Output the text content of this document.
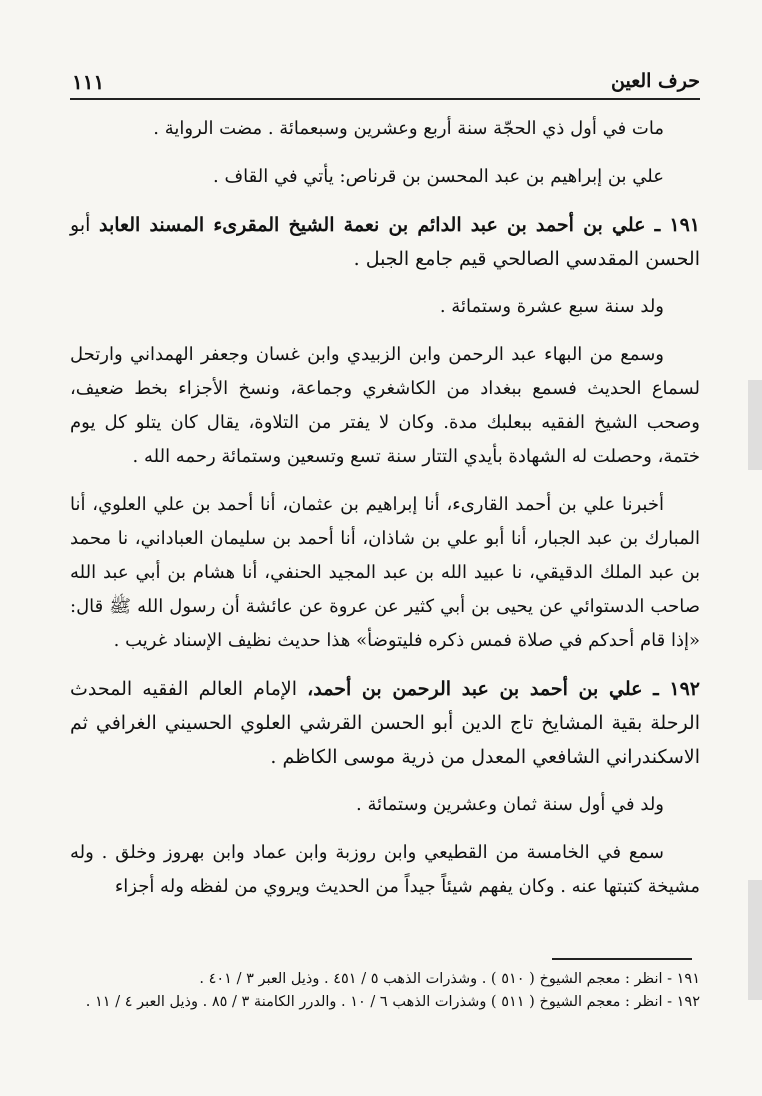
حرف العين
١١١

مات في أول ذي الحجّة سنة أربع وعشرين وسبعمائة . مضت الرواية .

علي بن إبراهيم بن عبد المحسن بن قرناص: يأتي في القاف .

١٩١ ـ علي بن أحمد بن عبد الدائم بن نعمة الشيخ المقرىء المسند العابد أبو الحسن المقدسي الصالحي قيم جامع الجبل .

ولد سنة سبع عشرة وستمائة .

وسمع من البهاء عبد الرحمن وابن الزبيدي وابن غسان وجعفر الهمداني وارتحل لسماع الحديث فسمع ببغداد من الكاشغري وجماعة، ونسخ الأجزاء بخط ضعيف، وصحب الشيخ الفقيه ببعلبك مدة. وكان لا يفتر من التلاوة، يقال كان يتلو كل يوم ختمة، وحصلت له الشهادة بأيدي التتار سنة تسع وتسعين وستمائة رحمه الله .

أخبرنا علي بن أحمد القارىء، أنا إبراهيم بن عثمان، أنا أحمد بن علي العلوي، أنا المبارك بن عبد الجبار، أنا أبو علي بن شاذان، أنا أحمد بن سليمان العباداني، نا محمد بن عبد الملك الدقيقي، نا عبيد الله بن عبد المجيد الحنفي، أنا هشام بن أبي عبد الله صاحب الدستوائي عن يحيى بن أبي كثير عن عروة عن عائشة أن رسول الله ﷺ قال: «إذا قام أحدكم في صلاة فمس ذكره فليتوضأ» هذا حديث نظيف الإسناد غريب .

١٩٢ ـ علي بن أحمد بن عبد الرحمن بن أحمد، الإمام العالم الفقيه المحدث الرحلة بقية المشايخ تاج الدين أبو الحسن القرشي العلوي الحسيني الغرافي ثم الاسكندراني الشافعي المعدل من ذرية موسى الكاظم .

ولد في أول سنة ثمان وعشرين وستمائة .

سمع في الخامسة من القطيعي وابن روزبة وابن عماد وابن بهروز وخلق . وله مشيخة كتبتها عنه . وكان يفهم شيئاً جيداً من الحديث ويروي من لفظه وله أجزاء

١٩١ - انظر : معجم الشيوخ ( ٥١٠ ) . وشذرات الذهب ٥ / ٤٥١ . وذيل العبر ٣ / ٤٠١ .

١٩٢ - انظر : معجم الشيوخ ( ٥١١ ) وشذرات الذهب ٦ / ١٠ . والدرر الكامنة ٣ / ٨٥ . وذيل العبر ٤ / ١١ .
